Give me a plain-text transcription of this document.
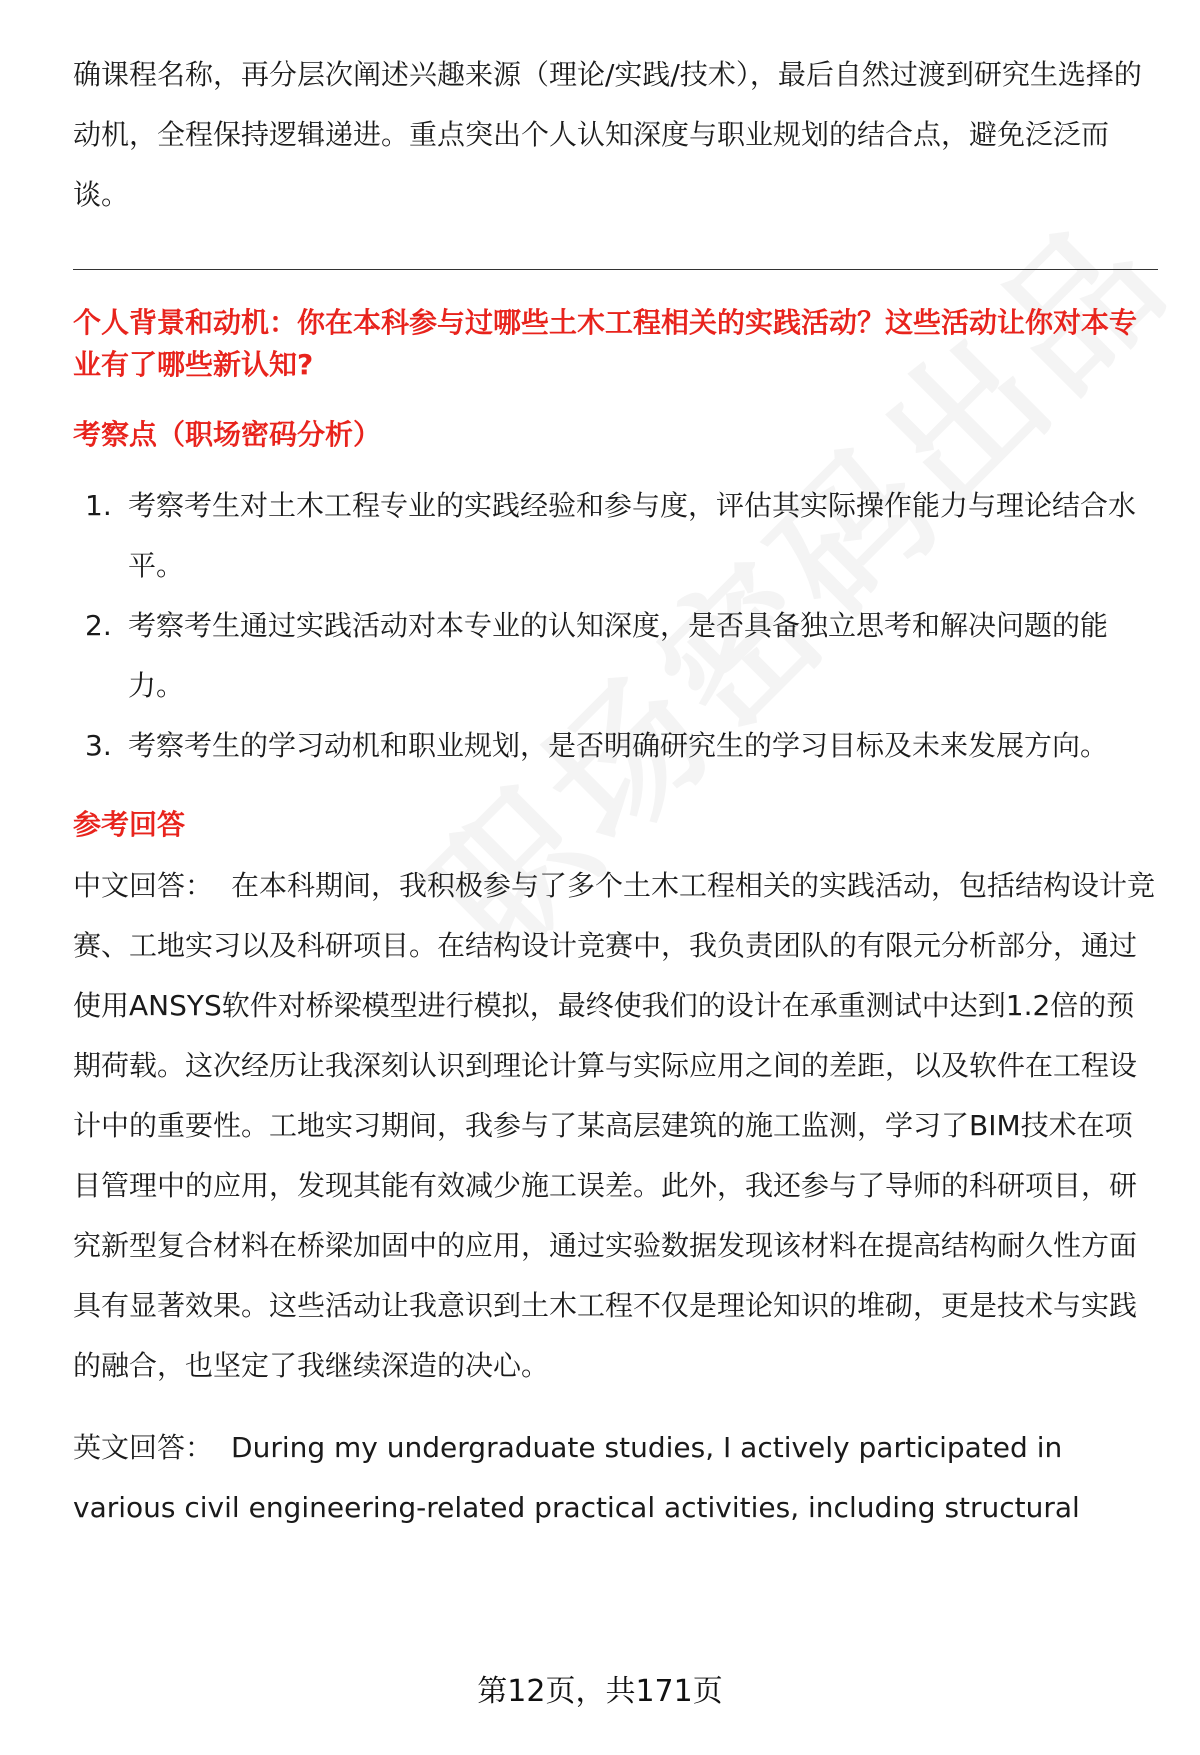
确课程名称，再分层次阐述兴趣来源（理论/实践/技术），最后自然过渡到研究生选择的动机，全程保持逻辑递进。重点突出个人认知深度与职业规划的结合点，避免泛泛而谈。

个人背景和动机：你在本科参与过哪些土木工程相关的实践活动？这些活动让你对本专业有了哪些新认知?

考察点（职场密码分析）

1. 考察考生对土木工程专业的实践经验和参与度，评估其实际操作能力与理论结合水平。
2. 考察考生通过实践活动对本专业的认知深度，是否具备独立思考和解决问题的能力。
3. 考察考生的学习动机和职业规划，是否明确研究生的学习目标及未来发展方向。

参考回答

中文回答： 在本科期间，我积极参与了多个土木工程相关的实践活动，包括结构设计竞赛、工地实习以及科研项目。在结构设计竞赛中，我负责团队的有限元分析部分，通过使用ANSYS软件对桥梁模型进行模拟，最终使我们的设计在承重测试中达到1.2倍的预期荷载。这次经历让我深刻认识到理论计算与实际应用之间的差距，以及软件在工程设计中的重要性。工地实习期间，我参与了某高层建筑的施工监测，学习了BIM技术在项目管理中的应用，发现其能有效减少施工误差。此外，我还参与了导师的科研项目，研究新型复合材料在桥梁加固中的应用，通过实验数据发现该材料在提高结构耐久性方面具有显著效果。这些活动让我意识到土木工程不仅是理论知识的堆砌，更是技术与实践的融合，也坚定了我继续深造的决心。

英文回答： During my undergraduate studies, I actively participated in various civil engineering-related practical activities, including structural

第12页，共171页
